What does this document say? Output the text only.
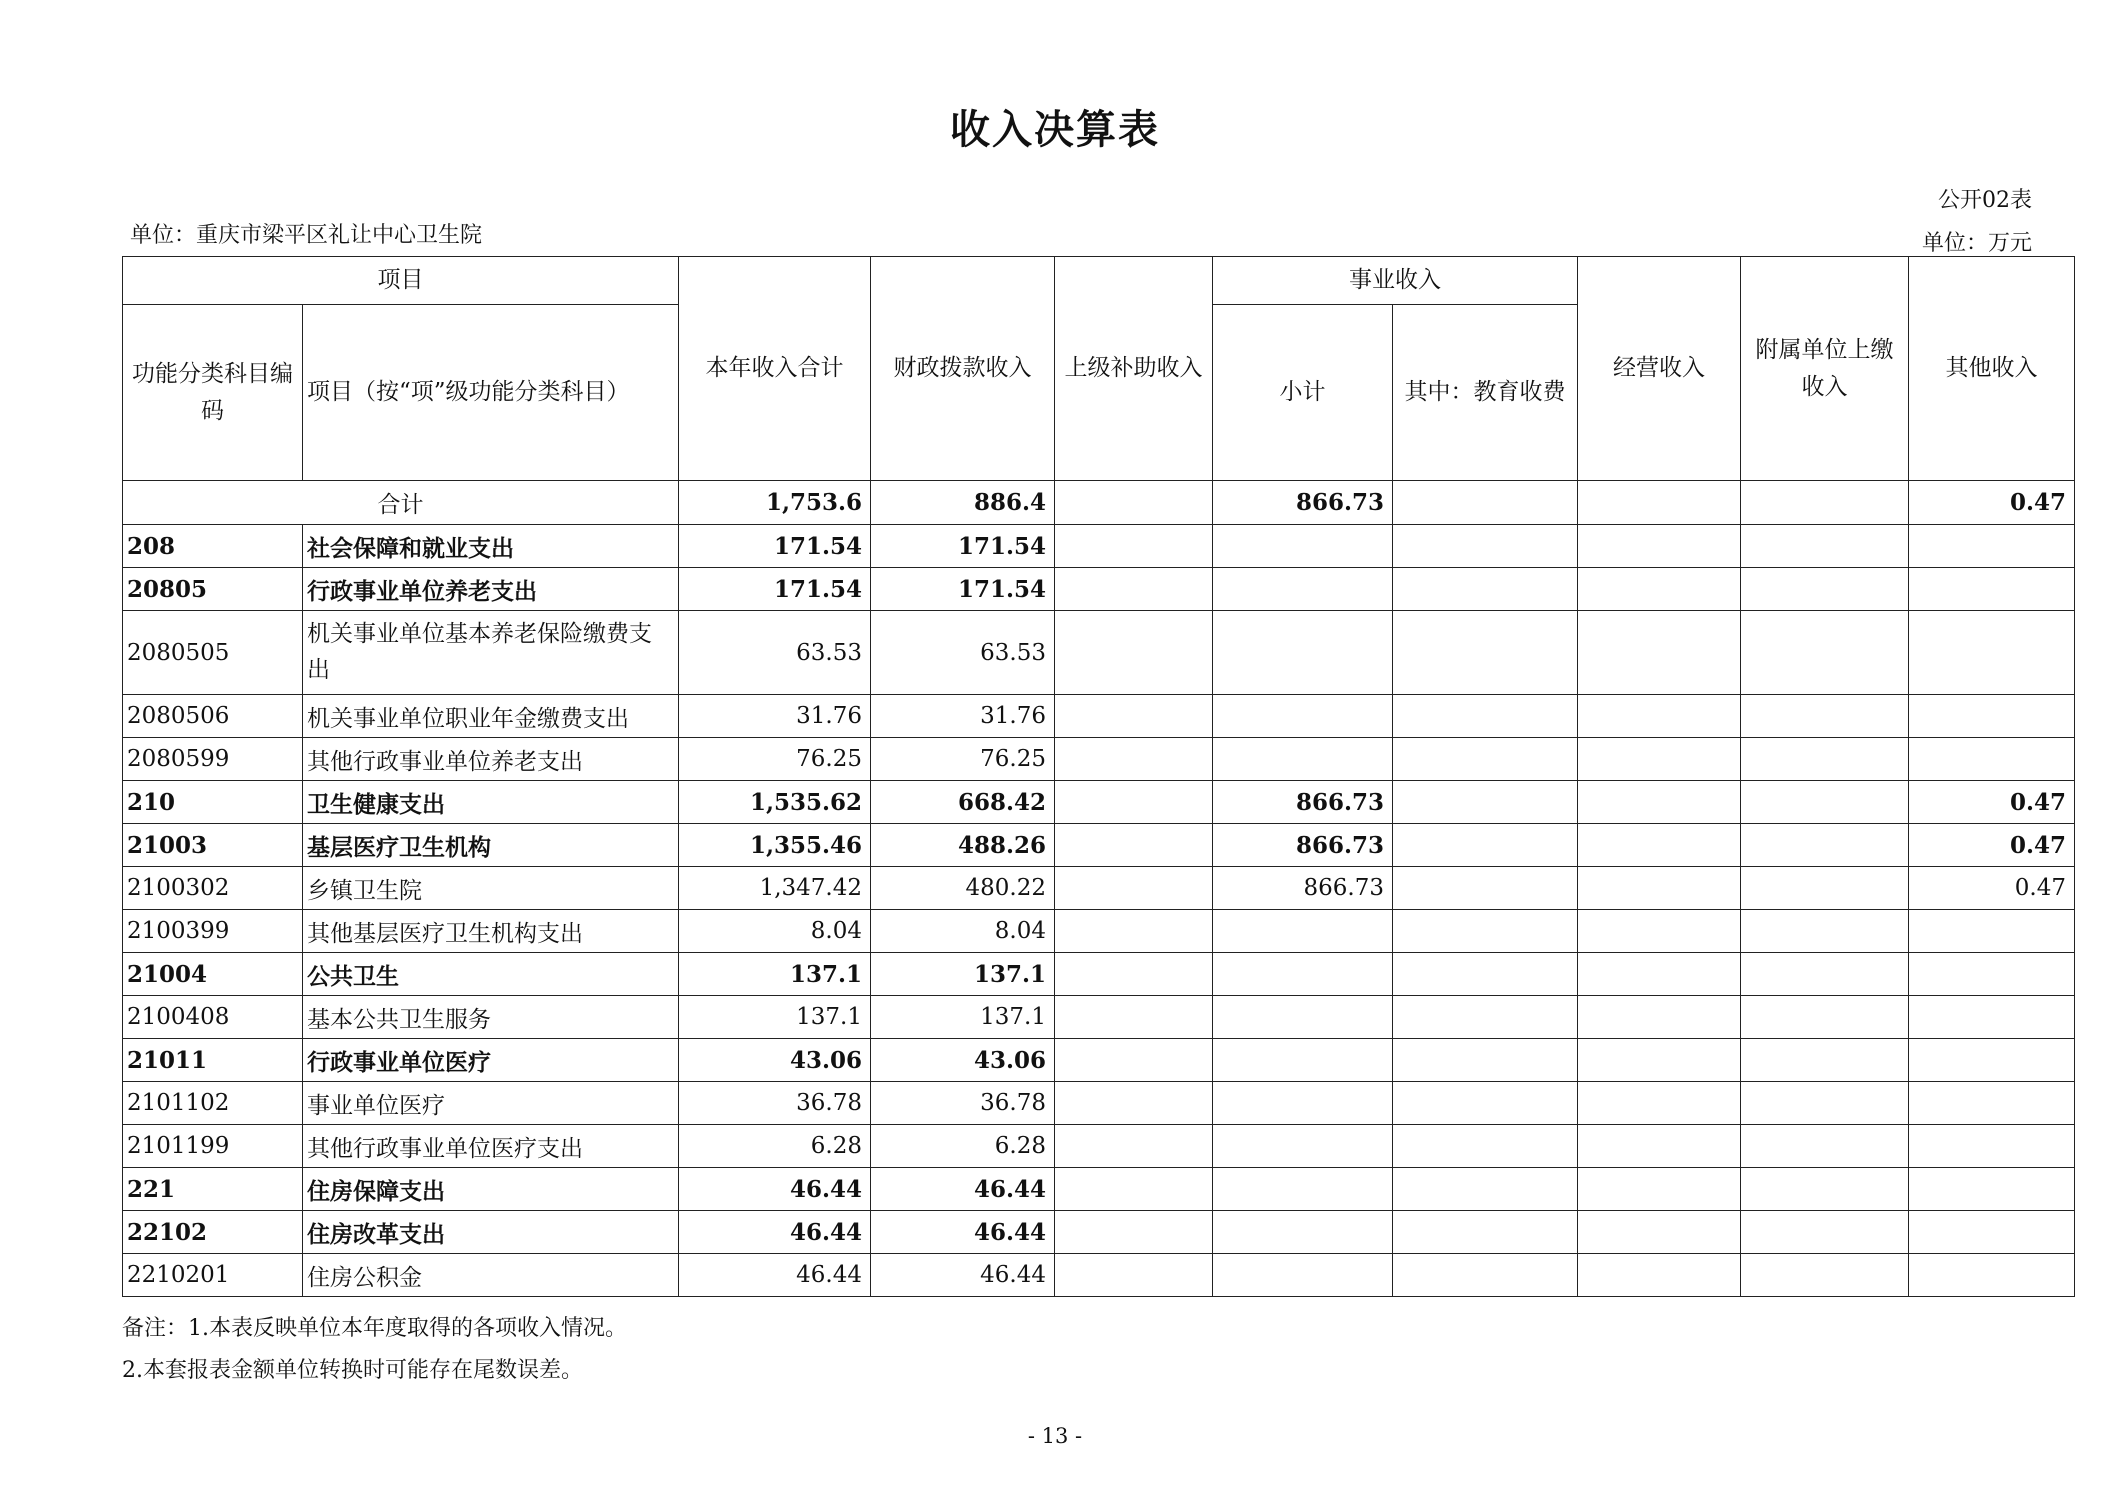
收入决算表
公开02表
单位：重庆市梁平区礼让中心卫生院	单位：万元
项目		本年收入合计	财政拨款收入	上级补助收入	事业收入		经营收入	附属单位上缴收入	其他收入
功能分类科目编码	项目（按“项”级功能分类科目）				小计	其中：教育收费			
合计		1,753.6	886.4		866.73				0.47
208	社会保障和就业支出	171.54	171.54						
20805	行政事业单位养老支出	171.54	171.54						
2080505	机关事业单位基本养老保险缴费支出	63.53	63.53						
2080506	机关事业单位职业年金缴费支出	31.76	31.76						
2080599	其他行政事业单位养老支出	76.25	76.25						
210	卫生健康支出	1,535.62	668.42		866.73				0.47
21003	基层医疗卫生机构	1,355.46	488.26		866.73				0.47
2100302	乡镇卫生院	1,347.42	480.22		866.73				0.47
2100399	其他基层医疗卫生机构支出	8.04	8.04						
21004	公共卫生	137.1	137.1						
2100408	基本公共卫生服务	137.1	137.1						
21011	行政事业单位医疗	43.06	43.06						
2101102	事业单位医疗	36.78	36.78						
2101199	其他行政事业单位医疗支出	6.28	6.28						
221	住房保障支出	46.44	46.44						
22102	住房改革支出	46.44	46.44						
2210201	住房公积金	46.44	46.44						
备注：1.本表反映单位本年度取得的各项收入情况。
2.本套报表金额单位转换时可能存在尾数误差。
- 13 -
